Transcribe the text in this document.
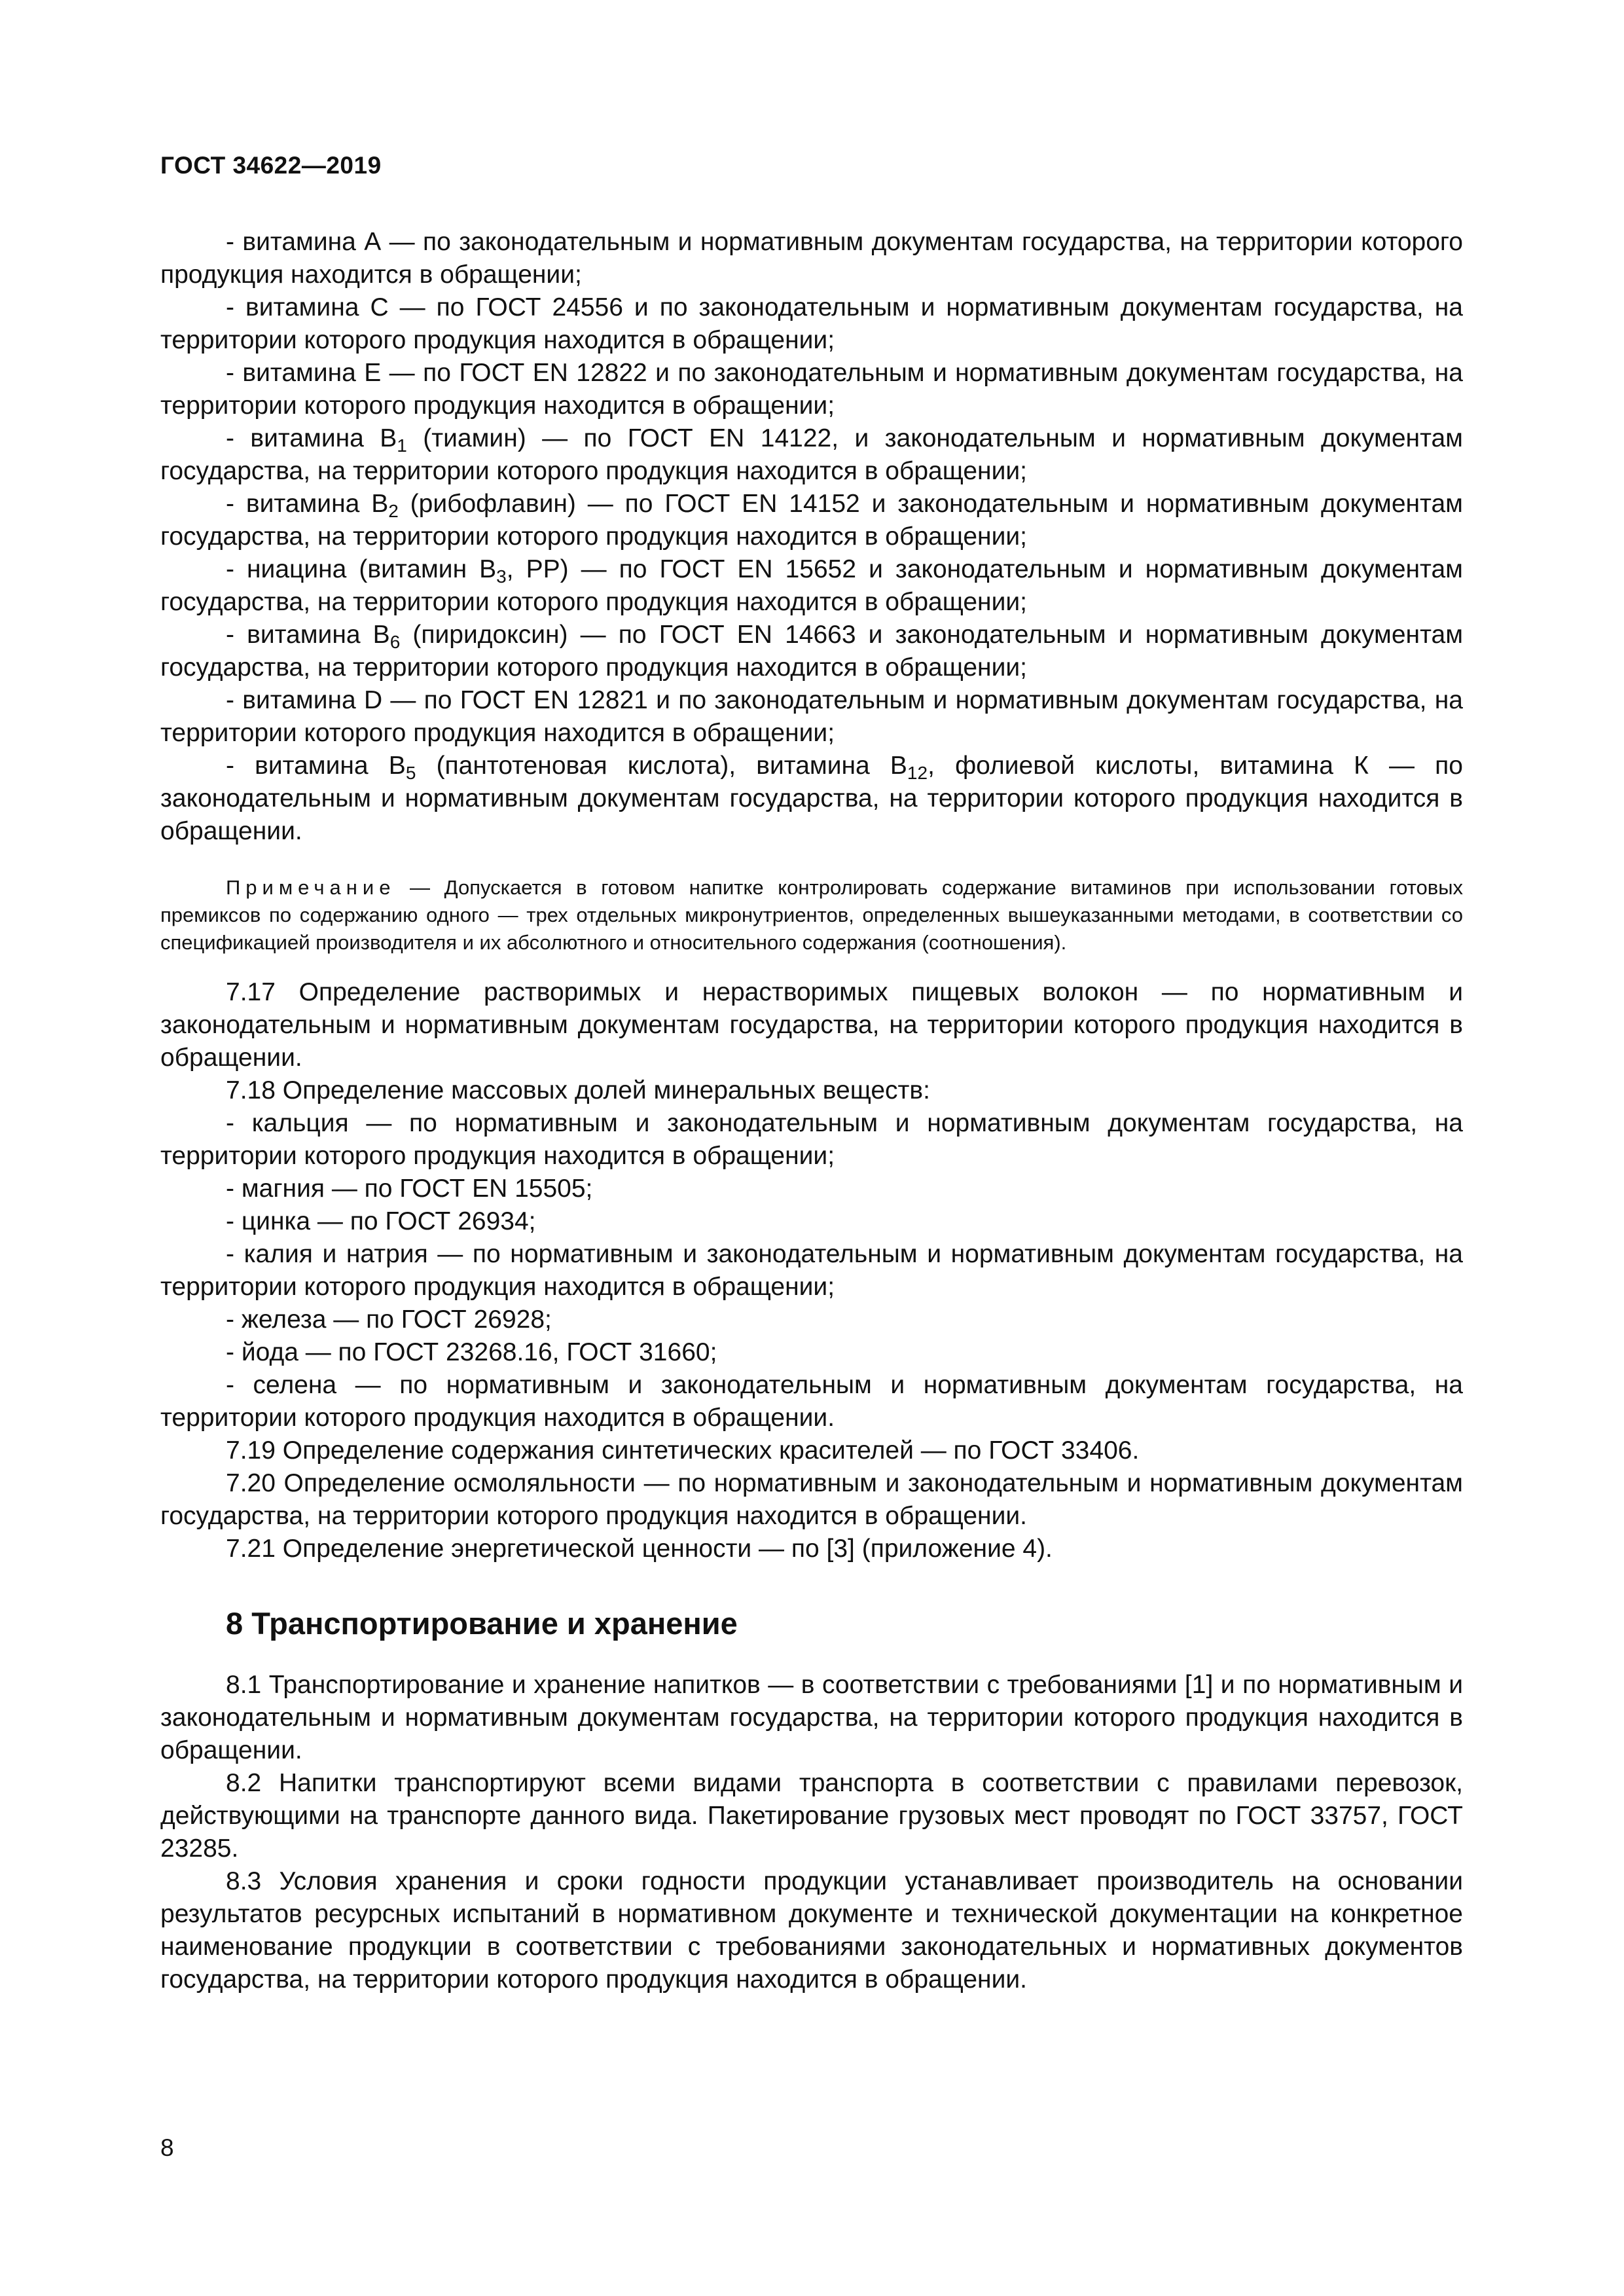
ГОСТ 34622—2019

- витамина А — по законодательным и нормативным документам государства, на территории которого продукция находится в обращении;

- витамина С — по ГОСТ 24556 и по законодательным и нормативным документам государства, на территории которого продукция находится в обращении;

- витамина Е — по ГОСТ EN 12822 и по законодательным и нормативным документам государства, на территории которого продукция находится в обращении;

- витамина $B_1$ (тиамин) — по ГОСТ EN 14122, и законодательным и нормативным документам государства, на территории которого продукция находится в обращении;

- витамина $B_2$ (рибофлавин) — по ГОСТ EN 14152 и законодательным и нормативным документам государства, на территории которого продукция находится в обращении;

- ниацина (витамин $B_3$, PP) — по ГОСТ EN 15652 и законодательным и нормативным документам государства, на территории которого продукция находится в обращении;

- витамина $B_6$ (пиридоксин) — по ГОСТ EN 14663 и законодательным и нормативным документам государства, на территории которого продукция находится в обращении;

- витамина D — по ГОСТ EN 12821 и по законодательным и нормативным документам государства, на территории которого продукция находится в обращении;

- витамина $B_5$ (пантотеновая кислота), витамина $B_{12}$, фолиевой кислоты, витамина К — по законодательным и нормативным документам государства, на территории которого продукция находится в обращении.

Примечание — Допускается в готовом напитке контролировать содержание витаминов при использовании готовых премиксов по содержанию одного — трех отдельных микронутриентов, определенных вышеуказанными методами, в соответствии со спецификацией производителя и их абсолютного и относительного содержания (соотношения).

7.17 Определение растворимых и нерастворимых пищевых волокон — по нормативным и законодательным и нормативным документам государства, на территории которого продукция находится в обращении.

7.18 Определение массовых долей минеральных веществ:

- кальция — по нормативным и законодательным и нормативным документам государства, на территории которого продукция находится в обращении;

- магния — по ГОСТ EN 15505;

- цинка — по ГОСТ 26934;

- калия и натрия — по нормативным и законодательным и нормативным документам государства, на территории которого продукция находится в обращении;

- железа — по ГОСТ 26928;

- йода — по ГОСТ 23268.16, ГОСТ 31660;

- селена — по нормативным и законодательным и нормативным документам государства, на территории которого продукция находится в обращении.

7.19 Определение содержания синтетических красителей — по ГОСТ 33406.

7.20 Определение осмоляльности — по нормативным и законодательным и нормативным документам государства, на территории которого продукция находится в обращении.

7.21 Определение энергетической ценности — по [3] (приложение 4).

8 Транспортирование и хранение

8.1 Транспортирование и хранение напитков — в соответствии с требованиями [1] и по нормативным и законодательным и нормативным документам государства, на территории которого продукция находится в обращении.

8.2 Напитки транспортируют всеми видами транспорта в соответствии с правилами перевозок, действующими на транспорте данного вида. Пакетирование грузовых мест проводят по ГОСТ 33757, ГОСТ 23285.

8.3 Условия хранения и сроки годности продукции устанавливает производитель на основании результатов ресурсных испытаний в нормативном документе и технической документации на конкретное наименование продукции в соответствии с требованиями законодательных и нормативных документов государства, на территории которого продукция находится в обращении.

8
